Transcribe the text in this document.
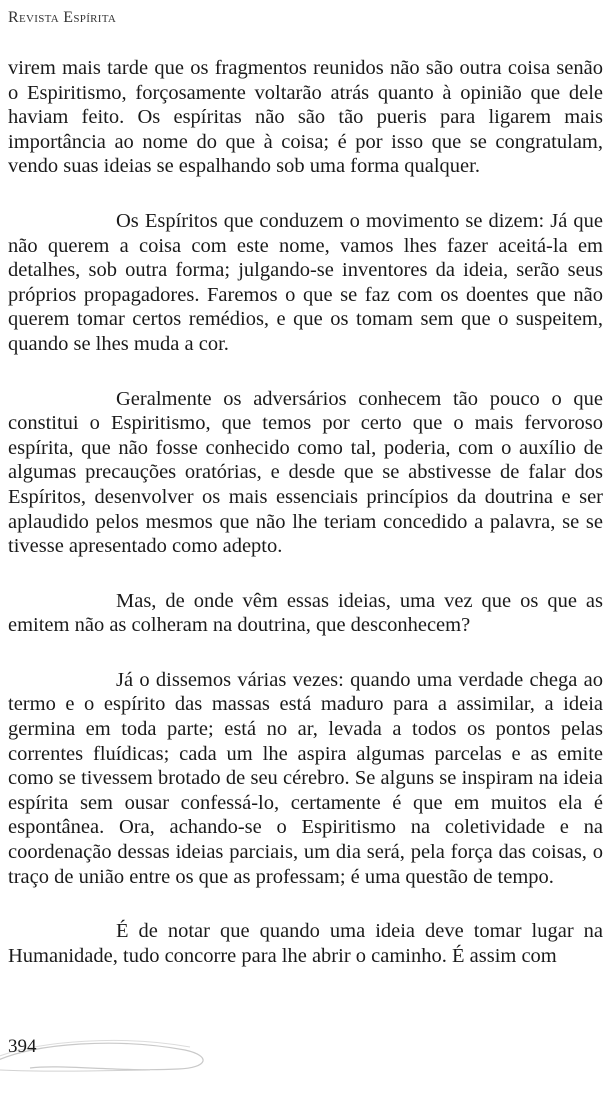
Revista Espírita

virem mais tarde que os fragmentos reunidos não são outra coisa senão o Espiritismo, forçosamente voltarão atrás quanto à opinião que dele haviam feito. Os espíritas não são tão pueris para ligarem mais importância ao nome do que à coisa; é por isso que se congratulam, vendo suas ideias se espalhando sob uma forma qualquer.

Os Espíritos que conduzem o movimento se dizem: Já que não querem a coisa com este nome, vamos lhes fazer aceitá-la em detalhes, sob outra forma; julgando-se inventores da ideia, serão seus próprios propagadores. Faremos o que se faz com os doentes que não querem tomar certos remédios, e que os tomam sem que o suspeitem, quando se lhes muda a cor.

Geralmente os adversários conhecem tão pouco o que constitui o Espiritismo, que temos por certo que o mais fervoroso espírita, que não fosse conhecido como tal, poderia, com o auxílio de algumas precauções oratórias, e desde que se abstivesse de falar dos Espíritos, desenvolver os mais essenciais princípios da doutrina e ser aplaudido pelos mesmos que não lhe teriam concedido a palavra, se se tivesse apresentado como adepto.

Mas, de onde vêm essas ideias, uma vez que os que as emitem não as colheram na doutrina, que desconhecem?

Já o dissemos várias vezes: quando uma verdade chega ao termo e o espírito das massas está maduro para a assimilar, a ideia germina em toda parte; está no ar, levada a todos os pontos pelas correntes fluídicas; cada um lhe aspira algumas parcelas e as emite como se tivessem brotado de seu cérebro. Se alguns se inspiram na ideia espírita sem ousar confessá-lo, certamente é que em muitos ela é espontânea. Ora, achando-se o Espiritismo na coletividade e na coordenação dessas ideias parciais, um dia será, pela força das coisas, o traço de união entre os que as professam; é uma questão de tempo.

É de notar que quando uma ideia deve tomar lugar na Humanidade, tudo concorre para lhe abrir o caminho. É assim com

394
